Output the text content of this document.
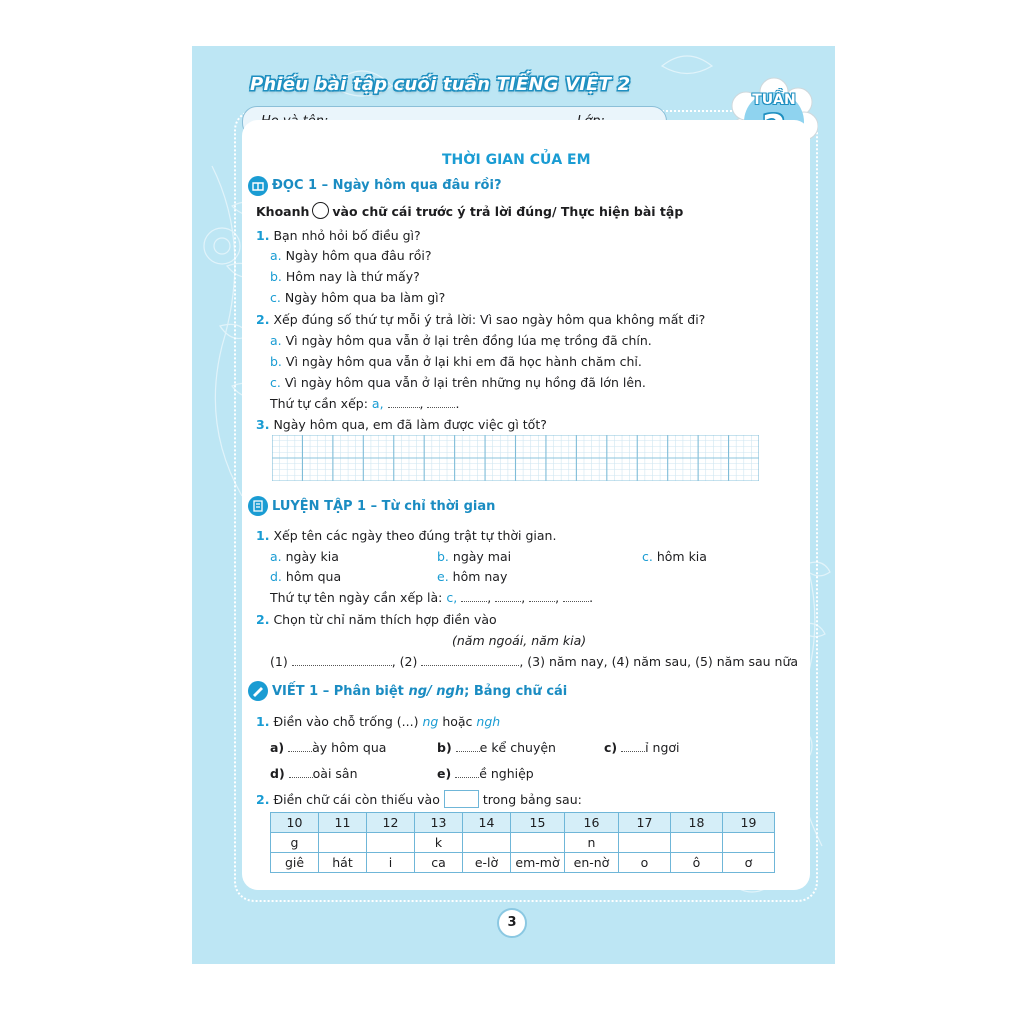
Phiếu bài tập cuối tuần TIẾNG VIỆT 2
TUẦN
THỜI GIAN CỦA EM
ĐỌC 1 – Ngày hôm qua đâu rồi?
Khoanh vào chữ cái trước ý trả lời đúng/ Thực hiện bài tập
1. Bạn nhỏ hỏi bố điều gì?
a. Ngày hôm qua đâu rồi?
b. Hôm nay là thứ mấy?
c. Ngày hôm qua ba làm gì?
2. Xếp đúng số thứ tự mỗi ý trả lời: Vì sao ngày hôm qua không mất đi?
a. Vì ngày hôm qua vẫn ở lại trên đồng lúa mẹ trồng đã chín.
b. Vì ngày hôm qua vẫn ở lại khi em đã học hành chăm chỉ.
c. Vì ngày hôm qua vẫn ở lại trên những nụ hồng đã lớn lên.
Thứ tự cần xếp: a,	, .
3. Ngày hôm qua, em đã làm được việc gì tốt?
LUYỆN TẬP 1 – Từ chỉ thời gian
1. Xếp tên các ngày theo đúng trật tự thời gian.
a. ngày kia	b. ngày mai	c. hôm kia
d. hôm qua	e. hôm nay
Thứ tự tên ngày cần xếp là: c, , , , .
2. Chọn từ chỉ năm thích hợp điền vào
(năm ngoái, năm kia)
(1)	, (2)	, (3) năm nay, (4) năm sau, (5) năm sau nữa
VIẾT 1 – Phân biệt ng/ ngh; Bảng chữ cái
1. Điền vào chỗ trống (...) ng hoặc ngh
a) ày hôm qua	b) e kể chuyện	c) ỉ ngơi
d) oài sân	e) ề nghiệp
2. Điền chữ cái còn thiếu vào	trong bảng sau:
10	11	12	13	14	15	16	17	18	19
g			k			n			
giê	hát	i	ca	e-lờ	em-mờ	en-nờ	o	ô	ơ
3
